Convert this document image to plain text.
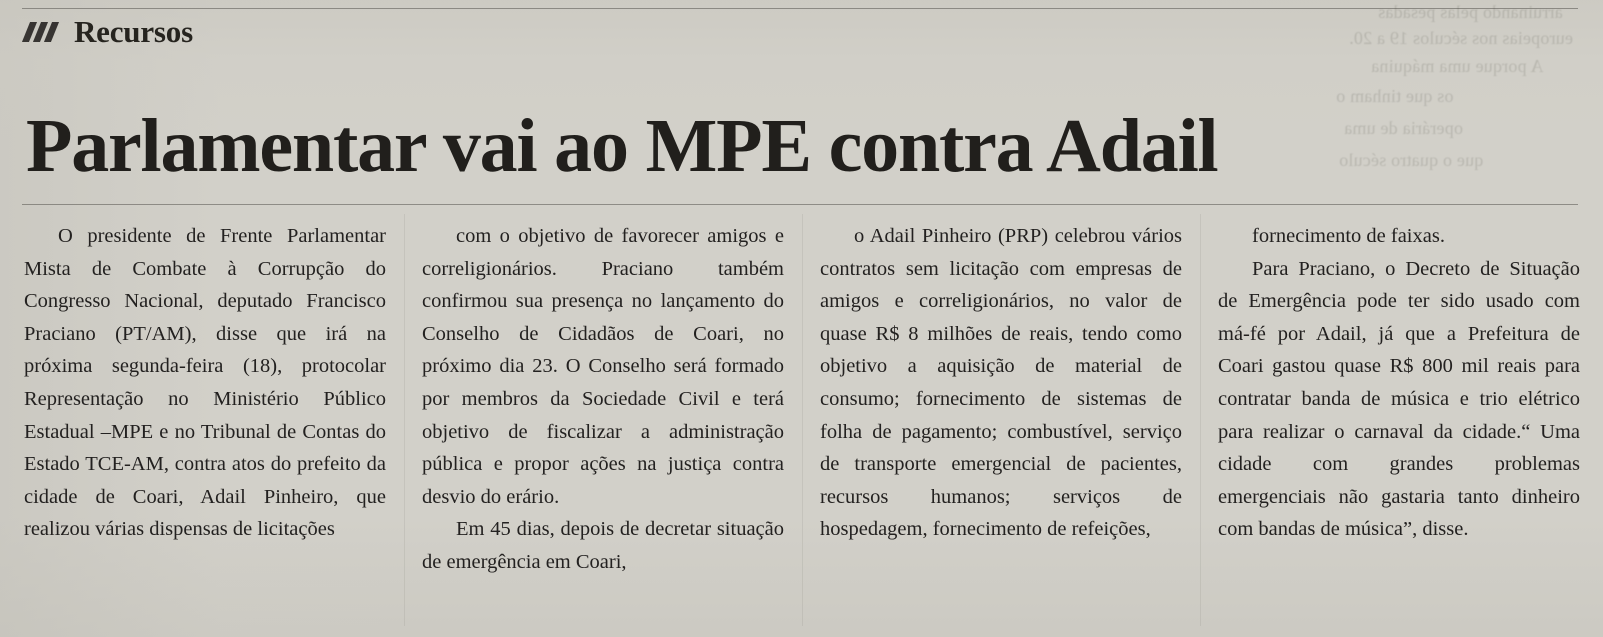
arruinando pelas pesadas
europeias nos séculos 19 a 20.
A porque uma máquina
os que tinham o
operária de uma
que o quatro século
Recursos
Parlamentar vai ao MPE contra Adail

O presidente de Frente Parlamentar Mista de Combate à Corrupção do Congresso Nacional, deputado Francisco Praciano (PT/AM), disse que irá na próxima segunda-feira (18), protocolar Representação no Ministério Público Estadual –MPE e no Tribunal de Contas do Estado TCE-AM, contra atos do prefeito da cidade de Coari, Adail Pinheiro, que realizou várias dispensas de licitações

com o objetivo de favorecer amigos e correligionários. Praciano também confirmou sua presença no lançamento do Conselho de Cidadãos de Coari, no próximo dia 23. O Conselho será formado por membros da Sociedade Civil e terá objetivo de fiscalizar a administração pública e propor ações na justiça contra desvio do erário.

Em 45 dias, depois de decretar situação de emergência em Coari,

o Adail Pinheiro (PRP) celebrou vários contratos sem licitação com empresas de amigos e correligionários, no valor de quase R$ 8 milhões de reais, tendo como objetivo a aquisição de material de consumo; fornecimento de sistemas de folha de pagamento; combustível, serviço de transporte emergencial de pacientes, recursos humanos; serviços de hospedagem, fornecimento de refeições,

fornecimento de faixas.

Para Praciano, o Decreto de Situação de Emergência pode ter sido usado com má-fé por Adail, já que a Prefeitura de Coari gastou quase R$ 800 mil reais para contratar banda de música e trio elétrico para realizar o carnaval da cidade.“ Uma cidade com grandes problemas emergenciais não gastaria tanto dinheiro com bandas de música”, disse.
